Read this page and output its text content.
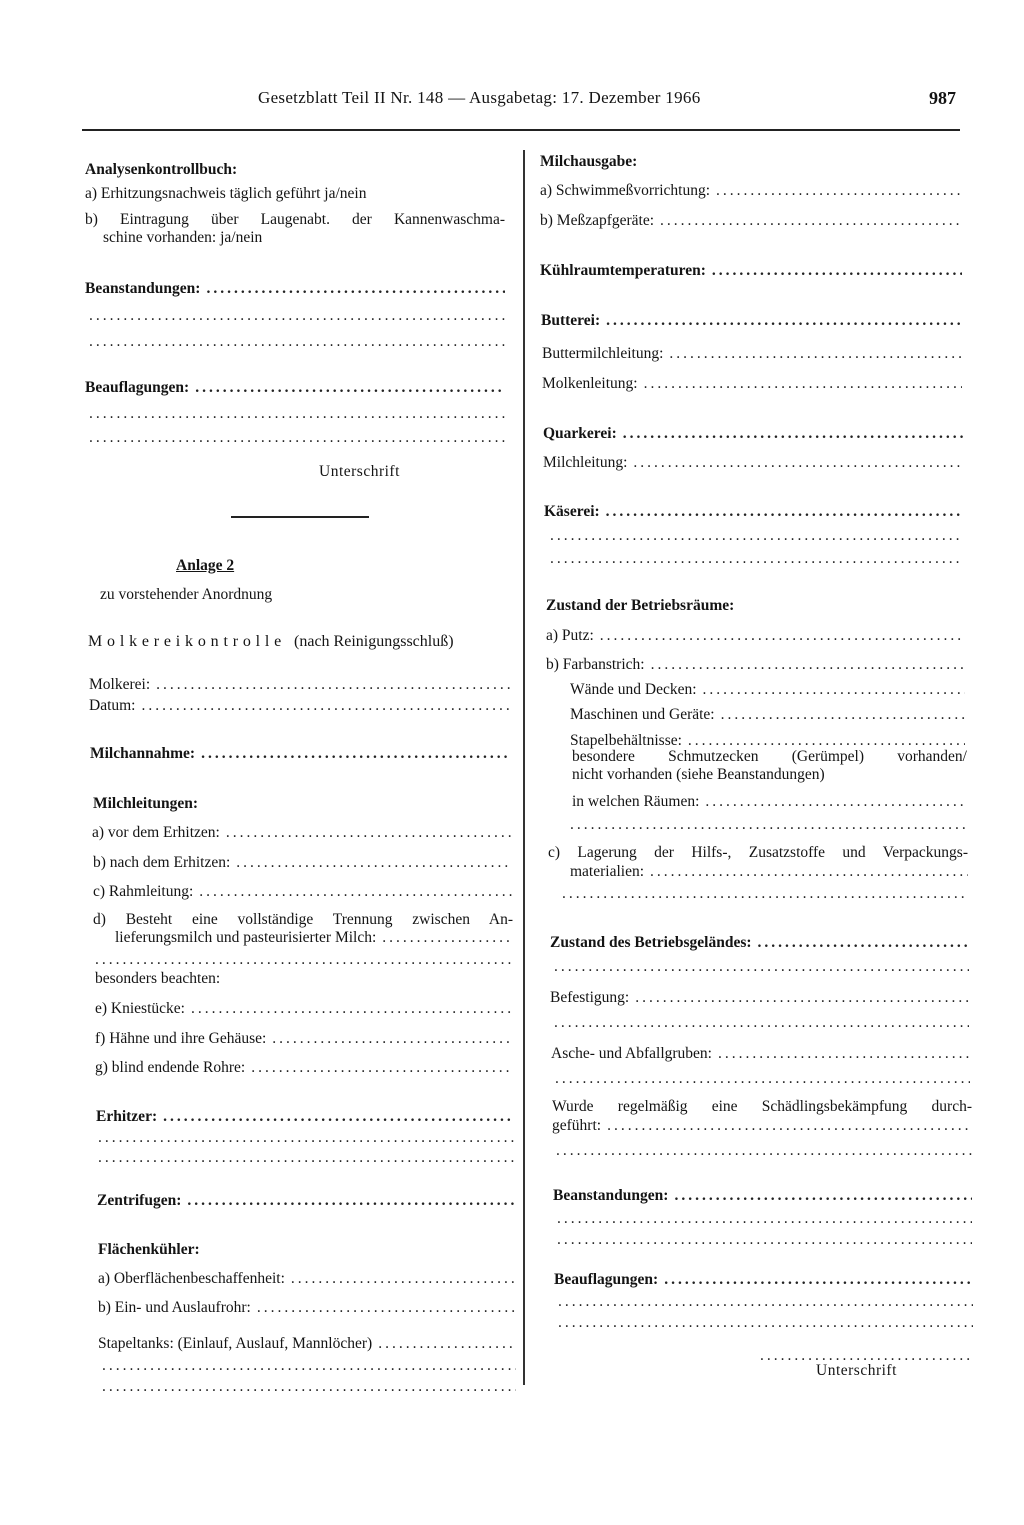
Gesetzblatt Teil II Nr. 148 — Ausgabetag: 17. Dezember 1966	987
Analysenkontrollbuch:
a) Erhitzungsnachweis täglich geführt ja/nein
b) Eintragung über Laugenabt. der Kannenwaschma-
schine vorhanden: ja/nein
Beanstandungen:
.....
.....
.....
Beauflagungen:
.....
.....
.....
Unterschrift
Anlage 2
zu vorstehender Anordnung
Molkereikontrolle (nach Reinigungsschluß)
Molkerei:
.....
Datum:
.....
Milchannahme:
.....
Milchleitungen:
a) vor dem Erhitzen:
.....
b) nach dem Erhitzen:
.....
c) Rahmleitung:
.....
d) Besteht eine vollständige Trennung zwischen An-
lieferungsmilch und pasteurisierter Milch:
.....
.....
besonders beachten:
e) Kniestücke:
.....
f) Hähne und ihre Gehäuse:
.....
g) blind endende Rohre:
.....
Erhitzer:
.....
.....
.....
Zentrifugen:
.....
Flächenkühler:
a) Oberflächenbeschaffenheit:
.....
b) Ein- und Auslaufrohr:
.....
Stapeltanks: (Einlauf, Auslauf, Mannlöcher)
.....
.....
.....
Milchausgabe:
a) Schwimmeßvorrichtung:
.....
b) Meßzapfgeräte:
.....
Kühlraumtemperaturen:
.....
Butterei:
.....
Buttermilchleitung:
.....
Molkenleitung:
.....
Quarkerei:
.....
Milchleitung:
.....
Käserei:
.....
.....
.....
Zustand der Betriebsräume:
a) Putz:
.....
b) Farbanstrich:
.....
Wände und Decken:
.....
Maschinen und Geräte:
.....
Stapelbehältnisse:
.....
besondere Schmutzecken (Gerümpel) vorhanden/
nicht vorhanden (siehe Beanstandungen)
in welchen Räumen:
.....
.....
c) Lagerung der Hilfs-, Zusatzstoffe und Verpackungs-
materialien:
.....
.....
Zustand des Betriebsgeländes:
.....
.....
Befestigung:
.....
.....
Asche- und Abfallgruben:
.....
.....
Wurde regelmäßig eine Schädlingsbekämpfung durch-
geführt:
.....
.....
Beanstandungen:
.....
.....
.....
Beauflagungen:
.....
.....
.....
.....
Unterschrift
